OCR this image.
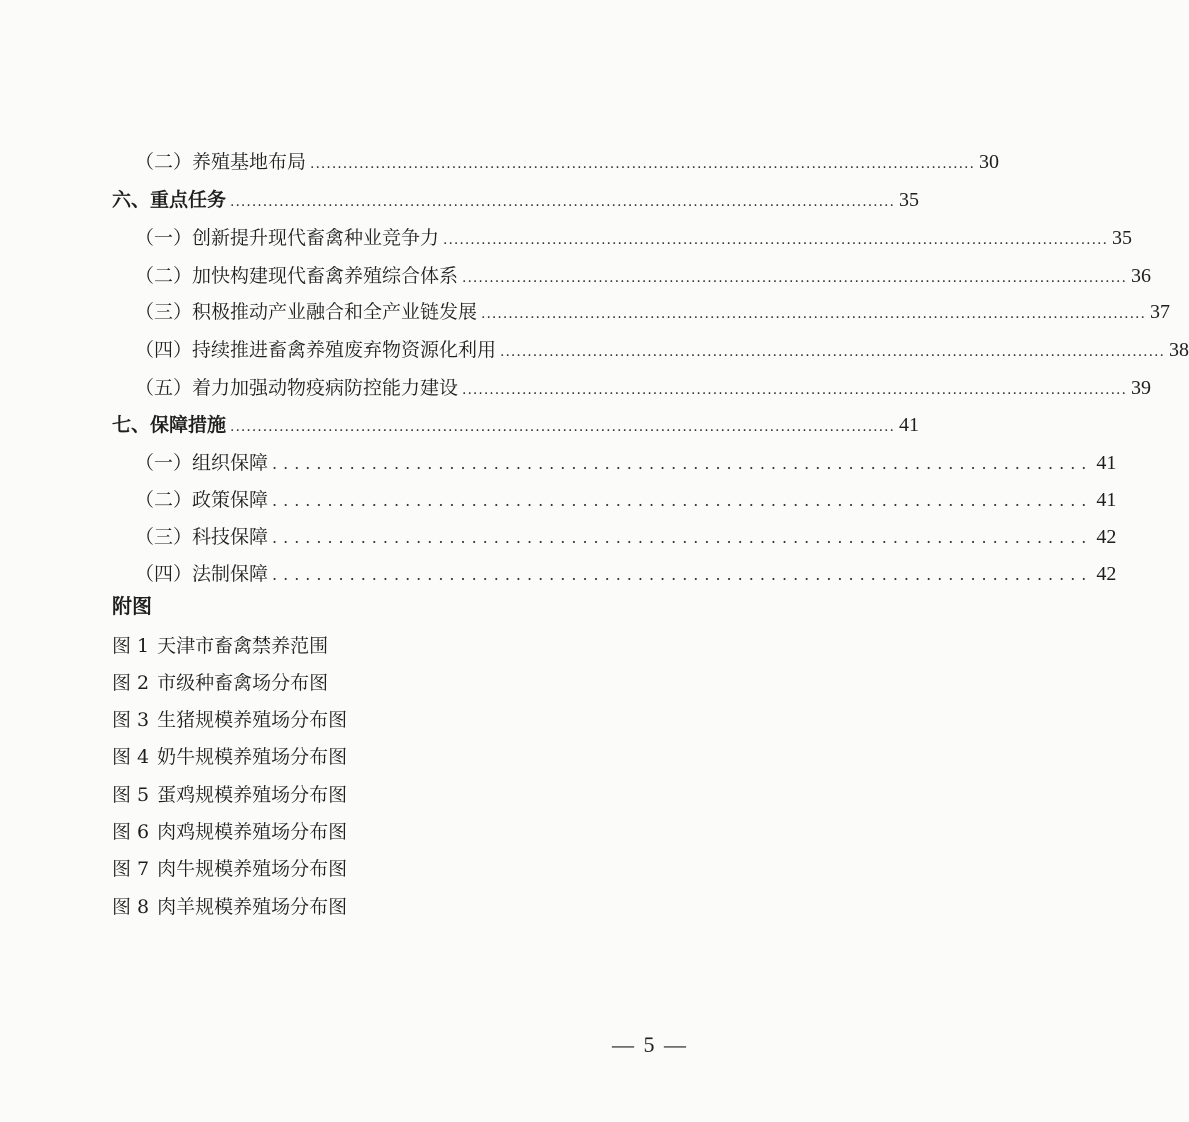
（二） 养殖基地布局 .......................................................................................................................... 30
六、 重点任务 .......................................................................................................................... 35
（一） 创新提升现代畜禽种业竞争力 .......................................................................................................................... 35
（二） 加快构建现代畜禽养殖综合体系 .......................................................................................................................... 36
（三） 积极推动产业融合和全产业链发展 .......................................................................................................................... 37
（四） 持续推进畜禽养殖废弃物资源化利用 .......................................................................................................................... 38
（五） 着力加强动物疫病防控能力建设 .......................................................................................................................... 39
七、 保障措施 .......................................................................................................................... 41
（一） 组织保障 .......................................................................... 41
（二） 政策保障 .......................................................................... 41
（三） 科技保障 .......................................................................... 42
（四） 法制保障 .......................................................................... 42
附图
图 1 天津市畜禽禁养范围
图 2 市级种畜禽场分布图
图 3 生猪规模养殖场分布图
图 4 奶牛规模养殖场分布图
图 5 蛋鸡规模养殖场分布图
图 6 肉鸡规模养殖场分布图
图 7 肉牛规模养殖场分布图
图 8 肉羊规模养殖场分布图
— 5 —
